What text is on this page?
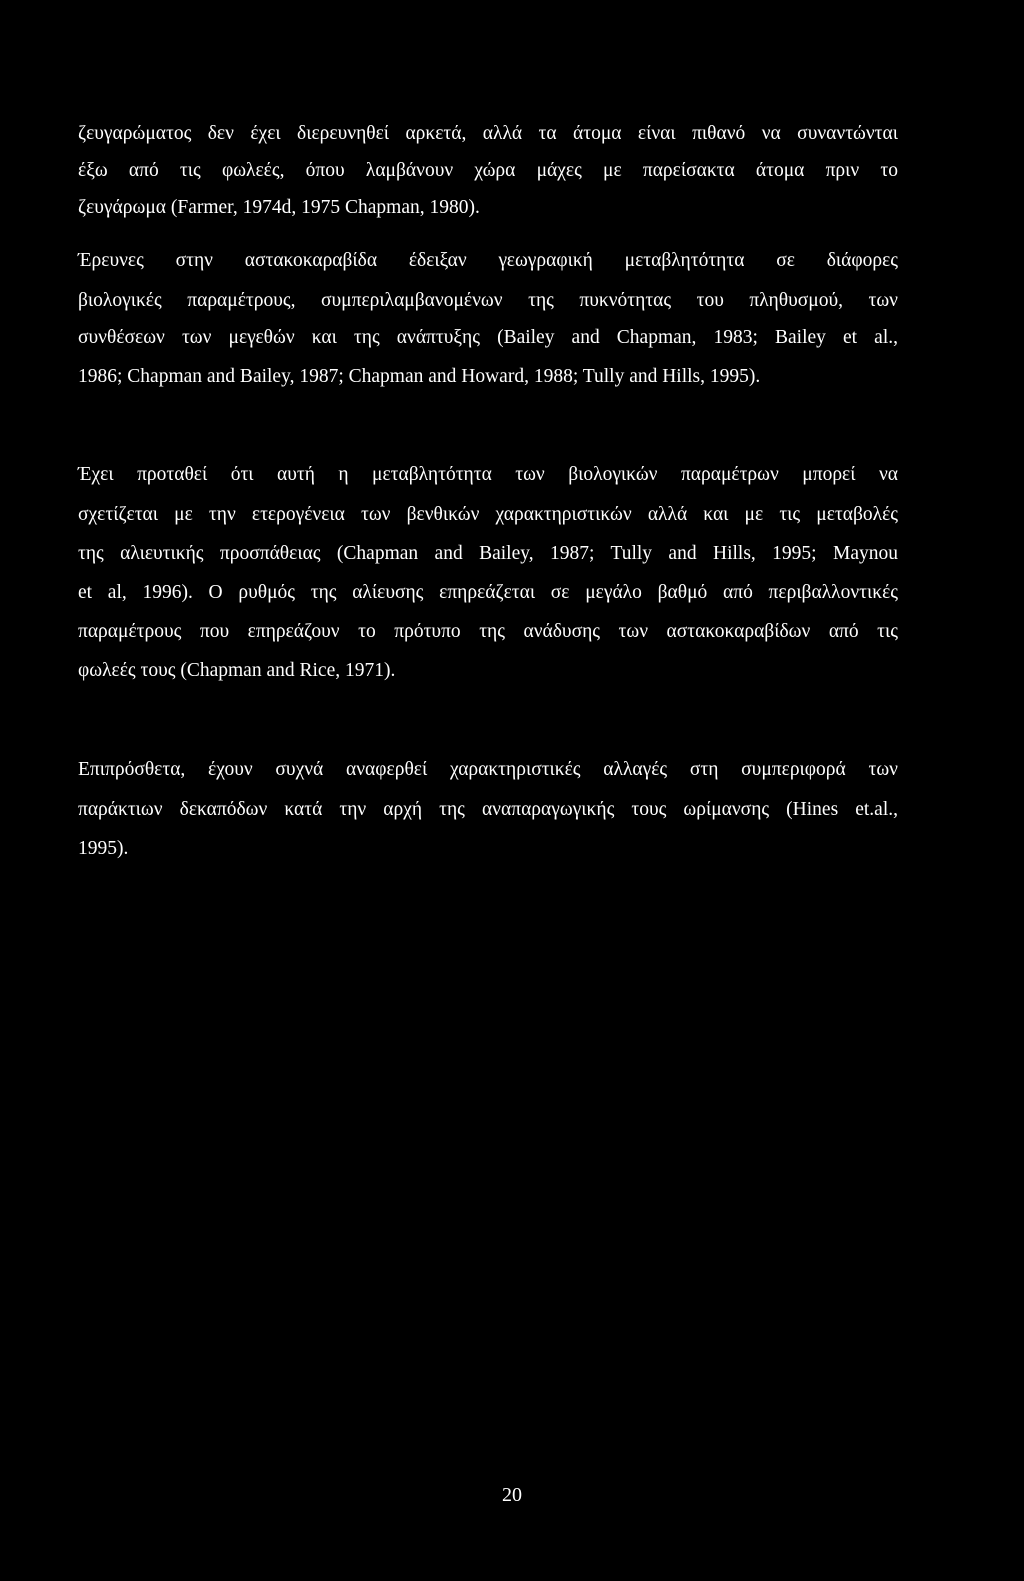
ζευγαρώματος δεν έχει διερευνηθεί αρκετά, αλλά τα άτομα είναι πιθανό να συναντώνται
έξω από τις φωλεές, όπου λαμβάνουν χώρα μάχες με παρείσακτα άτομα πριν το
ζευγάρωμα (Farmer, 1974d, 1975 Chapman, 1980).
Έρευνες στην αστακοκαραβίδα έδειξαν γεωγραφική μεταβλητότητα σε διάφορες
βιολογικές παραμέτρους, συμπεριλαμβανομένων της πυκνότητας του πληθυσμού, των
συνθέσεων των μεγεθών και της ανάπτυξης (Bailey and Chapman, 1983; Bailey et al.,
1986; Chapman and Bailey, 1987; Chapman and Howard, 1988; Tully and Hills, 1995).
Έχει προταθεί ότι αυτή η μεταβλητότητα των βιολογικών παραμέτρων μπορεί να
σχετίζεται με την ετερογένεια των βενθικών χαρακτηριστικών αλλά και με τις μεταβολές
της αλιευτικής προσπάθειας (Chapman and Bailey, 1987; Tully and Hills, 1995; Maynou
et al, 1996). Ο ρυθμός της αλίευσης επηρεάζεται σε μεγάλο βαθμό από περιβαλλοντικές
παραμέτρους που επηρεάζουν το πρότυπο της ανάδυσης των αστακοκαραβίδων από τις
φωλεές τους (Chapman and Rice, 1971).
Επιπρόσθετα, έχουν συχνά αναφερθεί χαρακτηριστικές αλλαγές στη συμπεριφορά των
παράκτιων δεκαπόδων κατά την αρχή της αναπαραγωγικής τους ωρίμανσης (Hines et.al.,
1995).
20
